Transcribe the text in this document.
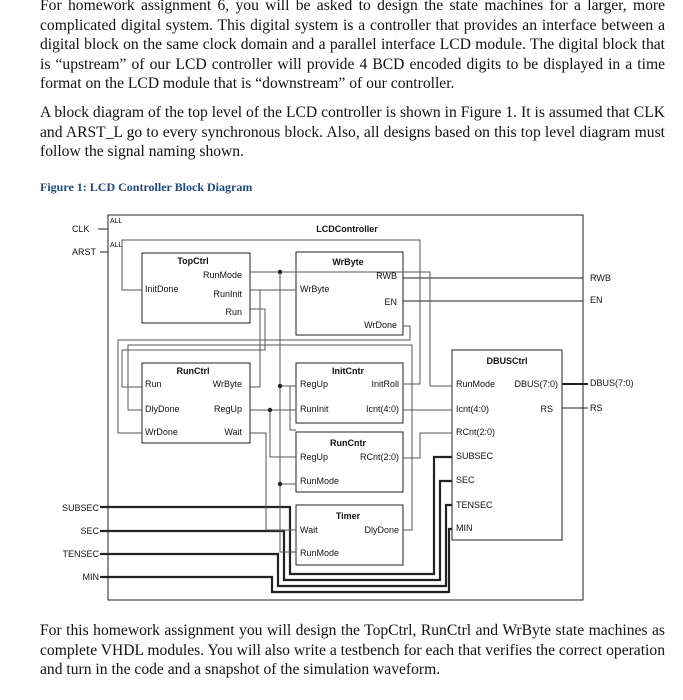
For homework assignment 6, you will be asked to design the state machines for a larger, more complicated digital system. This digital system is a controller that provides an interface between a digital block on the same clock domain and a parallel interface LCD module. The digital block that is “upstream” of our LCD controller will provide 4 BCD encoded digits to be displayed in a time format on the LCD module that is “downstream” of our controller.
A block diagram of the top level of the LCD controller is shown in Figure 1. It is assumed that CLK and ARST_L go to every synchronous block. Also, all designs based on this top level diagram must follow the signal naming shown.
Figure 1: LCD Controller Block Diagram
LCDController
CLK
ALL
ARST
ALL
TopCtrl
RunMode
InitDone	RunInit
Run
WrByte
RWB
WrByte
EN
WrDone
RunCtrl
Run	WrByte
DlyDone	RegUp
WrDone	Wait
InitCntr
RegUp	InitRoll
RunInit	Icnt(4:0)
RunCntr
RegUp	RCnt(2:0)
RunMode
Timer
Wait	DlyDone
RunMode
DBUSCtrl
RunMode DBUS(7:0)
Icnt(4:0)	RS
RCnt(2:0)
SUBSEC
SEC
TENSEC
MIN
RWB
EN
DBUS(7:0)
RS
SUBSEC
SEC
TENSEC
MIN
For this homework assignment you will design the TopCtrl, RunCtrl and WrByte state machines as complete VHDL modules. You will also write a testbench for each that verifies the correct operation and turn in the code and a snapshot of the simulation waveform.
